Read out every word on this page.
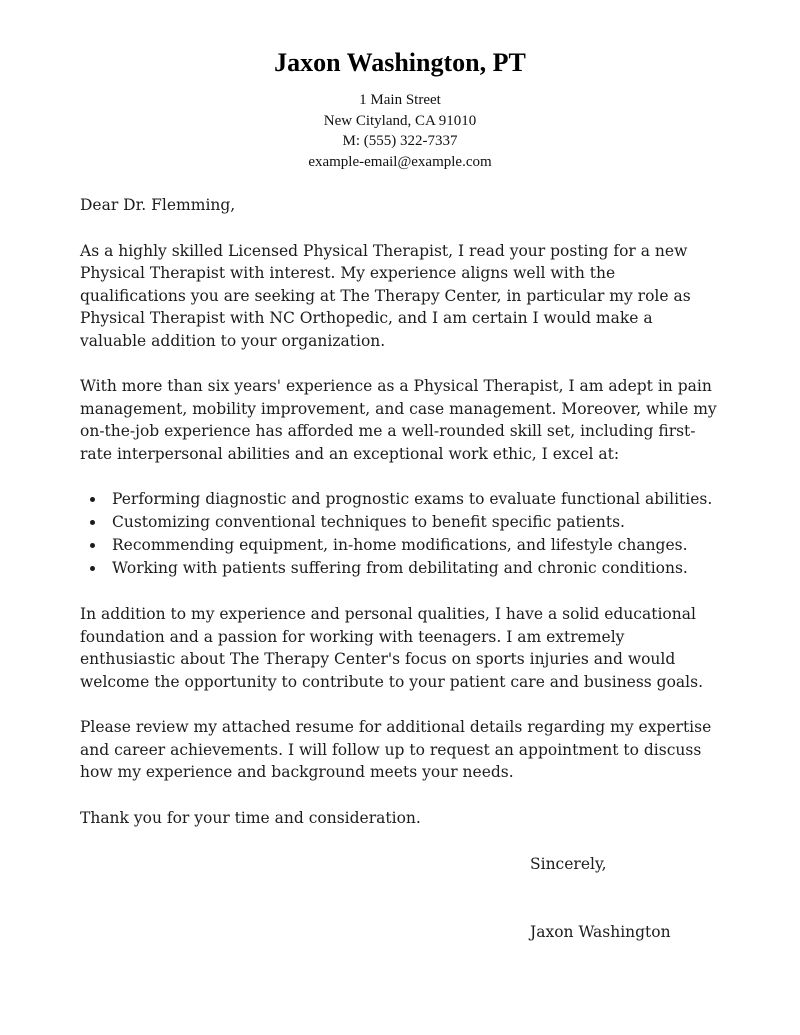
Jaxon Washington, PT

1 Main Street

New Cityland, CA 91010

M: (555) 322-7337

example-email@example.com

Dear Dr. Flemming,

As a highly skilled Licensed Physical Therapist, I read your posting for a new Physical Therapist with interest. My experience aligns well with the qualifications you are seeking at The Therapy Center, in particular my role as Physical Therapist with NC Orthopedic, and I am certain I would make a valuable addition to your organization.

With more than six years' experience as a Physical Therapist, I am adept in pain management, mobility improvement, and case management. Moreover, while my on-the-job experience has afforded me a well-rounded skill set, including first-rate interpersonal abilities and an exceptional work ethic, I excel at:

• Performing diagnostic and prognostic exams to evaluate functional abilities.
• Customizing conventional techniques to benefit specific patients.
• Recommending equipment, in-home modifications, and lifestyle changes.
• Working with patients suffering from debilitating and chronic conditions.

In addition to my experience and personal qualities, I have a solid educational foundation and a passion for working with teenagers. I am extremely enthusiastic about The Therapy Center's focus on sports injuries and would welcome the opportunity to contribute to your patient care and business goals.

Please review my attached resume for additional details regarding my expertise and career achievements. I will follow up to request an appointment to discuss how my experience and background meets your needs.

Thank you for your time and consideration.

Sincerely,

Jaxon Washington
